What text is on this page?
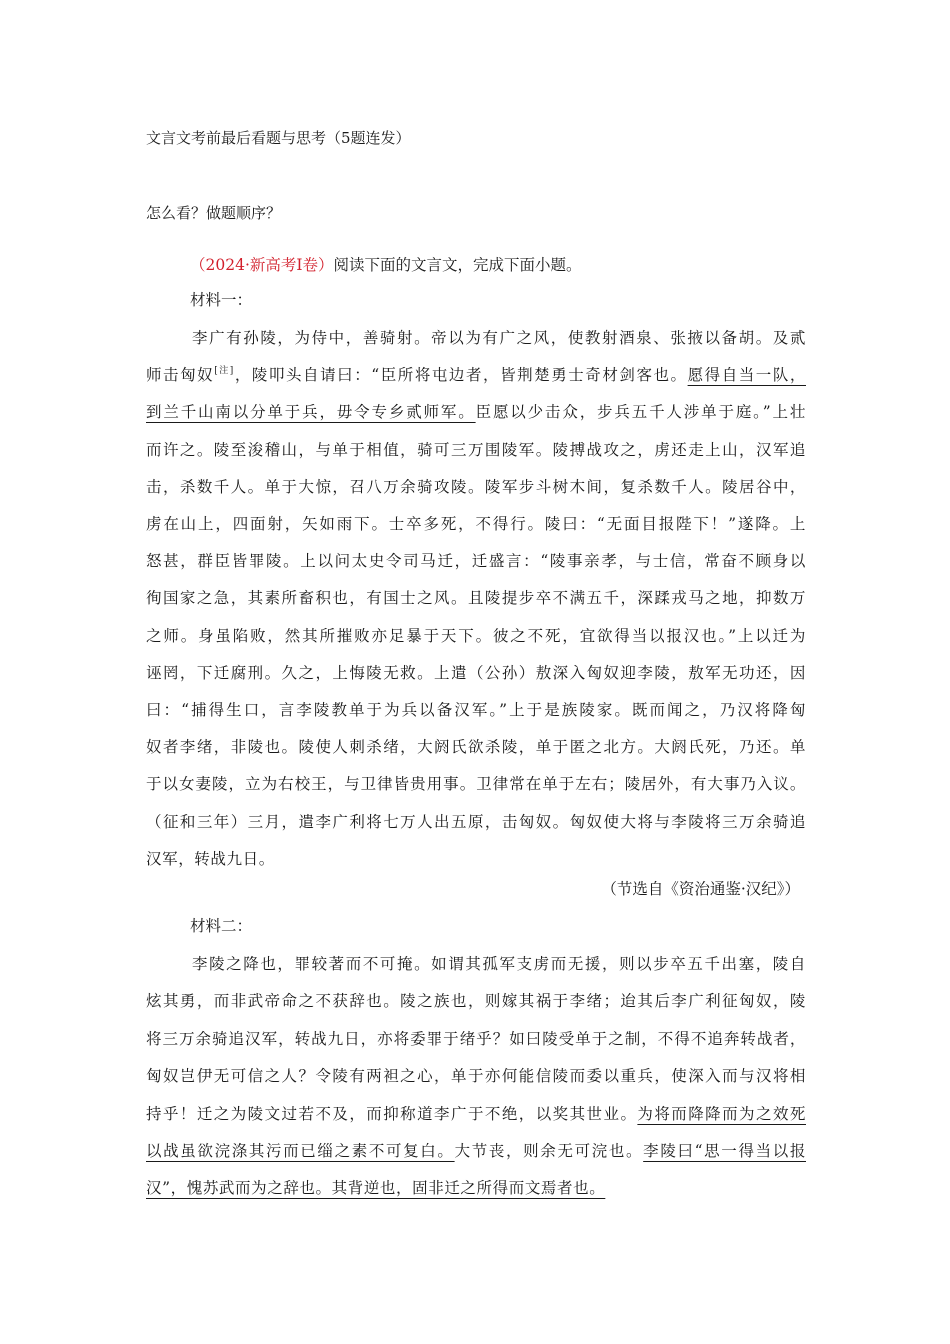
文言文考前最后看题与思考（5题连发）
怎么看？做题顺序？
（2024·新高考Ⅰ卷）阅读下面的文言文，完成下面小题。
材料一：
李广有孙陵，为侍中，善骑射。帝以为有广之风，使教射酒泉、张掖以备胡。及贰
师击匈奴[注]，陵叩头自请曰：“臣所将屯边者，皆荆楚勇士奇材剑客也。愿得自当一队，
到兰千山南以分单于兵，毋令专乡贰师军。臣愿以少击众，步兵五千人涉单于庭。”上壮
而许之。陵至浚稽山，与单于相值，骑可三万围陵军。陵搏战攻之，虏还走上山，汉军追
击，杀数千人。单于大惊，召八万余骑攻陵。陵军步斗树木间，复杀数千人。陵居谷中，
虏在山上，四面射，矢如雨下。士卒多死，不得行。陵曰：“无面目报陛下！”遂降。上
怒甚，群臣皆罪陵。上以问太史令司马迁，迁盛言：“陵事亲孝，与士信，常奋不顾身以
徇国家之急，其素所畜积也，有国士之风。且陵提步卒不满五千，深蹂戎马之地，抑数万
之师。身虽陷败，然其所摧败亦足暴于天下。彼之不死，宜欲得当以报汉也。”上以迁为
诬罔，下迁腐刑。久之，上悔陵无救。上遣（公孙）敖深入匈奴迎李陵，敖军无功还，因
曰：“捕得生口，言李陵教单于为兵以备汉军。”上于是族陵家。既而闻之，乃汉将降匈
奴者李绪，非陵也。陵使人刺杀绪，大阏氏欲杀陵，单于匿之北方。大阏氏死，乃还。单
于以女妻陵，立为右校王，与卫律皆贵用事。卫律常在单于左右；陵居外，有大事乃入议。
（征和三年）三月，遣李广利将七万人出五原，击匈奴。匈奴使大将与李陵将三万余骑追
汉军，转战九日。
（节选自《资治通鉴·汉纪》）
材料二：
李陵之降也，罪较著而不可掩。如谓其孤军支虏而无援，则以步卒五千出塞，陵自
炫其勇，而非武帝命之不获辞也。陵之族也，则嫁其祸于李绪；迨其后李广利征匈奴，陵
将三万余骑追汉军，转战九日，亦将委罪于绪乎？如曰陵受单于之制，不得不追奔转战者，
匈奴岂伊无可信之人？令陵有两袒之心，单于亦何能信陵而委以重兵，使深入而与汉将相
持乎！迁之为陵文过若不及，而抑称道李广于不绝，以奖其世业。为将而降降而为之效死
以战虽欲浣涤其污而已缁之素不可复白。大节丧，则余无可浣也。李陵曰“思一得当以报
汉”，愧苏武而为之辞也。其背逆也，固非迁之所得而文焉者也。
